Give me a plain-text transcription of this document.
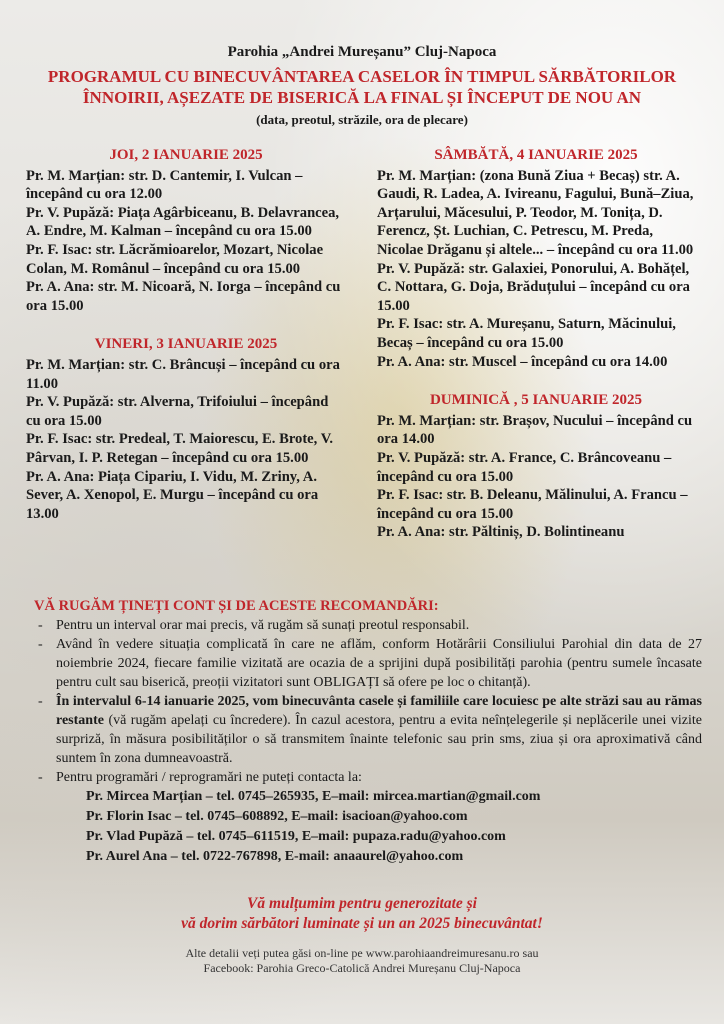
Parohia „Andrei Mureșanu” Cluj-Napoca
PROGRAMUL CU BINECUVÂNTAREA CASELOR ÎN TIMPUL SĂRBĂTORILOR
ÎNNOIRII, AȘEZATE DE BISERICĂ LA FINAL ȘI ÎNCEPUT DE NOU AN
(data, preotul, străzile, ora de plecare)
JOI, 2 IANUARIE 2025

Pr. M. Marțian: str. D. Cantemir, I. Vulcan – începând cu ora 12.00

Pr. V. Pupăză: Piața Agârbiceanu, B. Delavrancea, A. Endre, M. Kalman – începând cu ora 15.00

Pr. F. Isac: str. Lăcrămioarelor, Mozart, Nicolae Colan, M. Românul – începând cu ora 15.00

Pr. A. Ana: str. M. Nicoară, N. Iorga – începând cu ora 15.00

VINERI, 3 IANUARIE 2025

Pr. M. Marțian: str. C. Brâncuși – începând cu ora 11.00

Pr. V. Pupăză: str. Alverna, Trifoiului – începând cu ora 15.00

Pr. F. Isac: str. Predeal, T. Maiorescu, E. Brote, V. Pârvan, I. P. Retegan – începând cu ora 15.00

Pr. A. Ana: Piața Cipariu, I. Vidu, M. Zriny, A. Sever, A. Xenopol, E. Murgu – începând cu ora 13.00

SÂMBĂTĂ, 4 IANUARIE 2025

Pr. M. Marțian: (zona Bună Ziua + Becaș) str. A. Gaudi, R. Ladea, A. Ivireanu, Fagului, Bună–Ziua, Arțarului, Măcesului, P. Teodor, M. Tonița, D. Ferencz, Șt. Luchian, C. Petrescu, M. Preda, Nicolae Drăganu și altele... – începând cu ora 11.00

Pr. V. Pupăză: str. Galaxiei, Ponorului, A. Bohățel, C. Nottara, G. Doja, Brăduțului – începând cu ora 15.00

Pr. F. Isac: str. A. Mureșanu, Saturn, Măcinului, Becaș – începând cu ora 15.00

Pr. A. Ana: str. Muscel – începând cu ora 14.00

DUMINICĂ , 5 IANUARIE 2025

Pr. M. Marțian: str. Brașov, Nucului – începând cu ora 14.00

Pr. V. Pupăză: str. A. France, C. Brâncoveanu – începând cu ora 15.00

Pr. F. Isac: str. B. Deleanu, Mălinului, A. Francu – începând cu ora 15.00

Pr. A. Ana: str. Păltiniș, D. Bolintineanu

VĂ RUGĂM ȚINEȚI CONT ȘI DE ACESTE RECOMANDĂRI:
- Pentru un interval orar mai precis, vă rugăm să sunați preotul responsabil.
- Având în vedere situația complicată în care ne aflăm, conform Hotărârii Consiliului Parohial din data de 27 noiembrie 2024, fiecare familie vizitată are ocazia de a sprijini după posibilități parohia (pentru sumele încasate pentru cult sau biserică, preoții vizitatori sunt OBLIGAȚI să ofere pe loc o chitanță).
- În intervalul 6-14 ianuarie 2025, vom binecuvânta casele și familiile care locuiesc pe alte străzi sau au rămas restante (vă rugăm apelați cu încredere). În cazul acestora, pentru a evita neînțelegerile și neplăcerile unei vizite surpriză, în măsura posibilităților o să transmitem înainte telefonic sau prin sms, ziua și ora aproximativă când suntem în zona dumneavoastră.
- Pentru programări / reprogramări ne puteți contacta la:
Pr. Mircea Marțian – tel. 0745–265935, E–mail: mircea.martian@gmail.com
Pr. Florin Isac – tel. 0745–608892, E–mail: isacioan@yahoo.com
Pr. Vlad Pupăză – tel. 0745–611519, E–mail: pupaza.radu@yahoo.com
Pr. Aurel Ana – tel. 0722-767898, E-mail: anaaurel@yahoo.com
Vă mulțumim pentru generozitate și
vă dorim sărbători luminate și un an 2025 binecuvântat!
Alte detalii veți putea găsi on-line pe www.parohiaandreimuresanu.ro sau
Facebook: Parohia Greco-Catolică Andrei Mureșanu Cluj-Napoca
